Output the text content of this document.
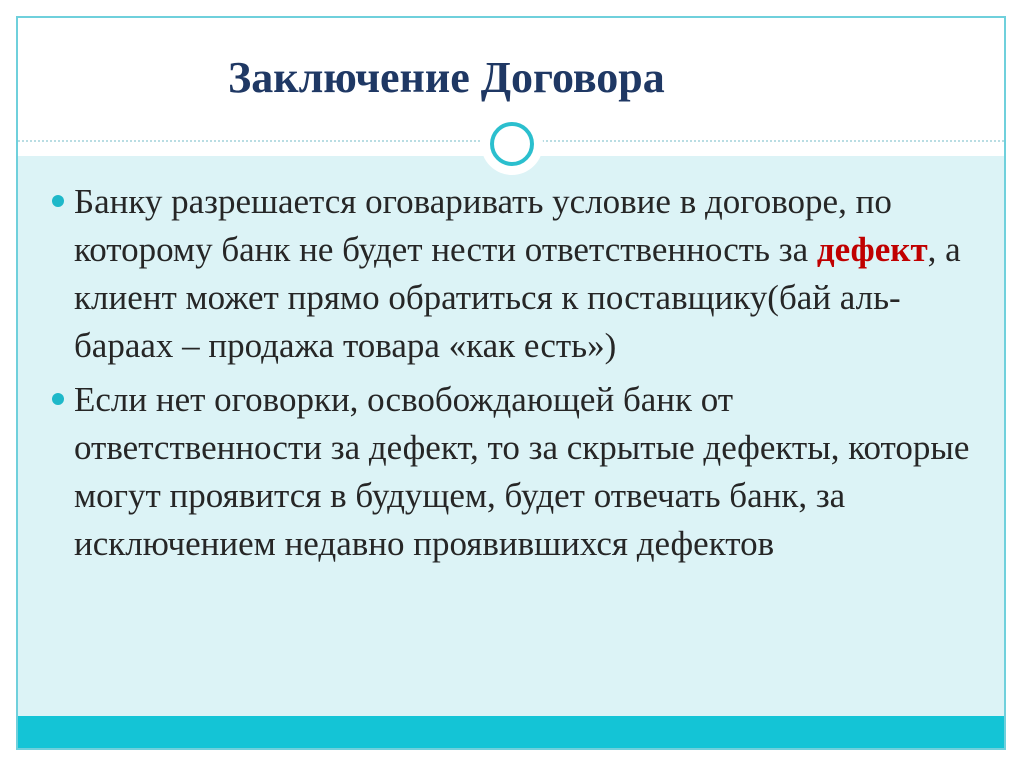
Заключение Договора
Банку разрешается оговаривать условие в договоре, по которому банк не будет нести ответственность за дефект, а клиент может прямо обратиться к поставщику(бай аль-бараах – продажа товара «как есть»)
Если нет оговорки, освобождающей банк от ответственности за дефект, то за скрытые дефекты, которые могут проявится в будущем, будет отвечать банк, за исключением недавно проявившихся дефектов
